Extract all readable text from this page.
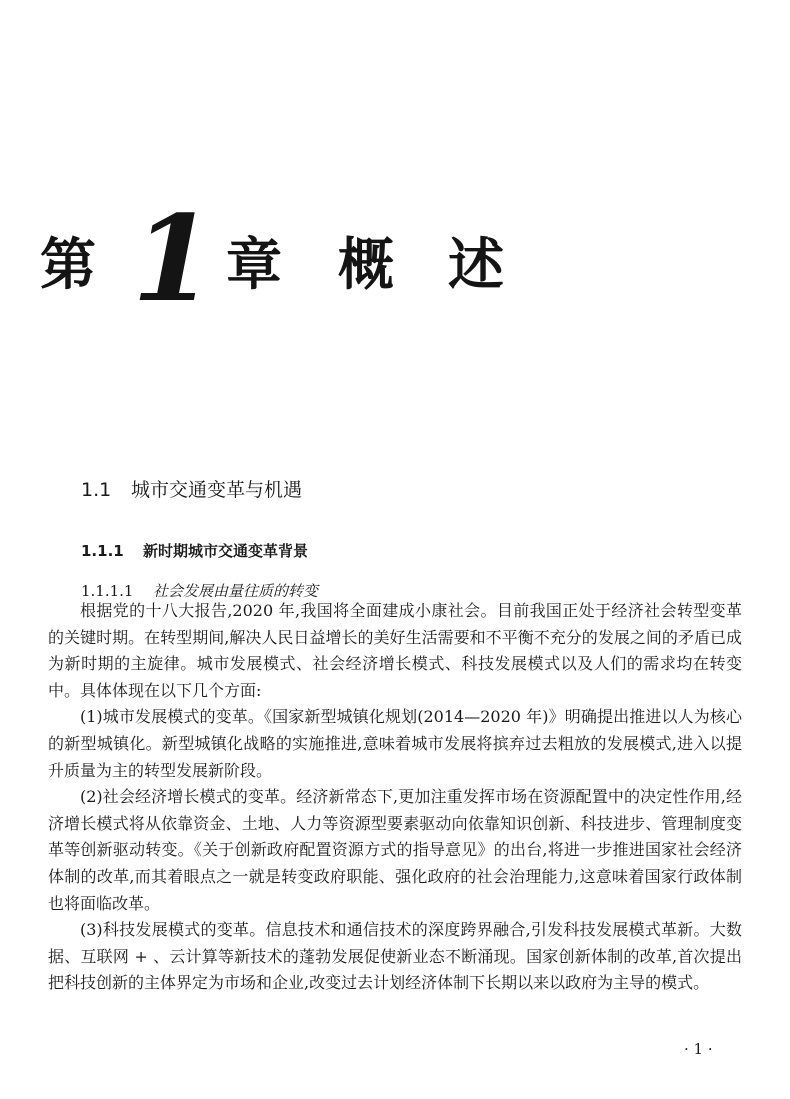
第 1 章 概 述
1.1 城市交通变革与机遇
1.1.1 新时期城市交通变革背景
1.1.1.1 社会发展由量往质的转变

根据党的十八大报告,2020 年,我国将全面建成小康社会。目前我国正处于经济社会转型变革的关键时期。在转型期间,解决人民日益增长的美好生活需要和不平衡不充分的发展之间的矛盾已成为新时期的主旋律。城市发展模式、社会经济增长模式、科技发展模式以及人们的需求均在转变中。具体体现在以下几个方面:

(1)城市发展模式的变革。《国家新型城镇化规划(2014—2020 年)》明确提出推进以人为核心的新型城镇化。新型城镇化战略的实施推进,意味着城市发展将摈弃过去粗放的发展模式,进入以提升质量为主的转型发展新阶段。

(2)社会经济增长模式的变革。经济新常态下,更加注重发挥市场在资源配置中的决定性作用,经济增长模式将从依靠资金、土地、人力等资源型要素驱动向依靠知识创新、科技进步、管理制度变革等创新驱动转变。《关于创新政府配置资源方式的指导意见》的出台,将进一步推进国家社会经济体制的改革,而其着眼点之一就是转变政府职能、强化政府的社会治理能力,这意味着国家行政体制也将面临改革。

(3)科技发展模式的变革。信息技术和通信技术的深度跨界融合,引发科技发展模式革新。大数据、互联网 + 、云计算等新技术的蓬勃发展促使新业态不断涌现。国家创新体制的改革,首次提出把科技创新的主体界定为市场和企业,改变过去计划经济体制下长期以来以政府为主导的模式。

· 1 ·
